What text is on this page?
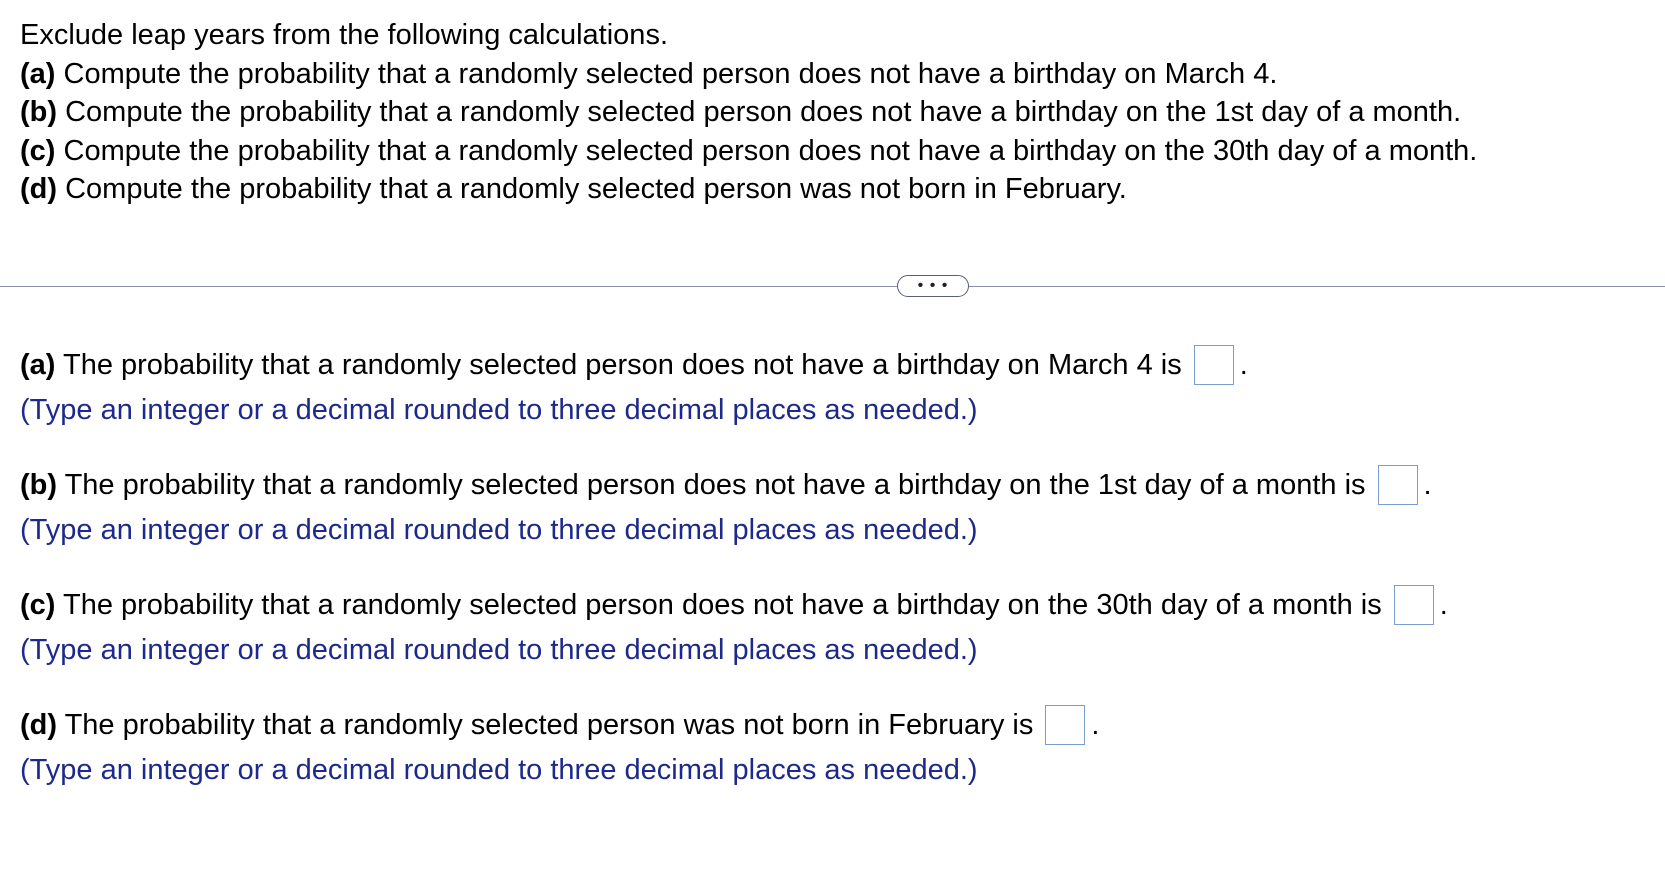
Exclude leap years from the following calculations.
(a) Compute the probability that a randomly selected person does not have a birthday on March 4.
(b) Compute the probability that a randomly selected person does not have a birthday on the 1st day of a month.
(c) Compute the probability that a randomly selected person does not have a birthday on the 30th day of a month.
(d) Compute the probability that a randomly selected person was not born in February.
• • •
(a) The probability that a randomly selected person does not have a birthday on March 4 is .
(Type an integer or a decimal rounded to three decimal places as needed.)
(b) The probability that a randomly selected person does not have a birthday on the 1st day of a month is .
(Type an integer or a decimal rounded to three decimal places as needed.)
(c) The probability that a randomly selected person does not have a birthday on the 30th day of a month is .
(Type an integer or a decimal rounded to three decimal places as needed.)
(d) The probability that a randomly selected person was not born in February is .
(Type an integer or a decimal rounded to three decimal places as needed.)
